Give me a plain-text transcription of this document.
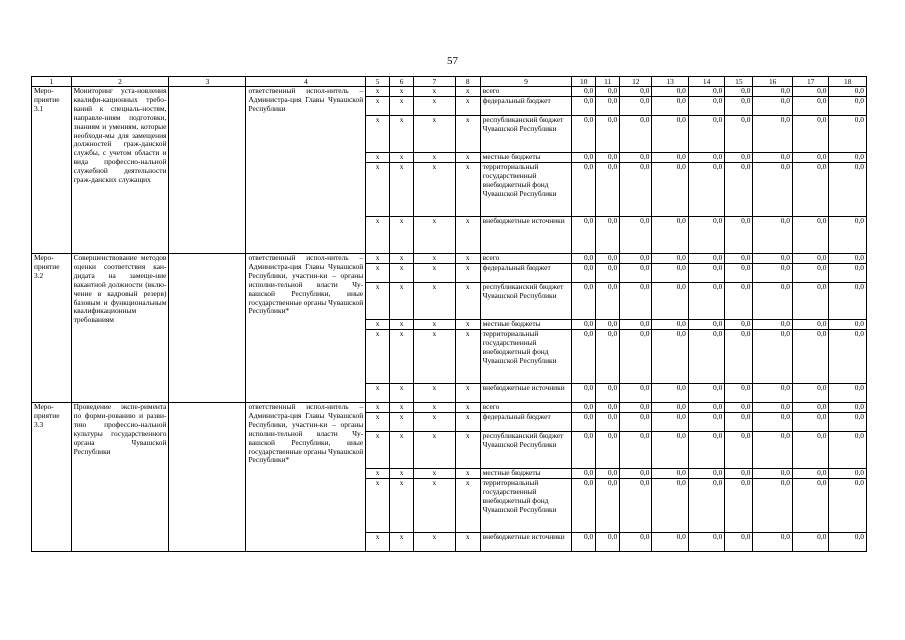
57
1	2	3	4	5	6	7	8	9	10	11	12	13	14	15	16	17	18
Меро-приятие 3.1	Мониторинг уста-новления квалифи-кационных требо-ваний к специаль-ностям, направле-ниям подготовки, знаниям и умениям, которые необходи-мы для замещения должностей граж-данской службы, с учетом области и вида профессио-нальной служебной деятельности граж-данских служащих		ответственный испол-нитель – Администра-ция Главы Чувашской Республики	x	x	x	x	всего	0,0	0,0	0,0	0,0	0,0	0,0	0,0	0,0	0,0
				x	x	x	x	федеральный бюджет	0,0	0,0	0,0	0,0	0,0	0,0	0,0	0,0	0,0
				x	x	x	x	республиканский бюджет Чувашской Республики	0,0	0,0	0,0	0,0	0,0	0,0	0,0	0,0	0,0
				x	x	x	x	местные бюджеты	0,0	0,0	0,0	0,0	0,0	0,0	0,0	0,0	0,0
				x	x	x	x	территориальный государственный внебюджетный фонд Чувашской Республики	0,0	0,0	0,0	0,0	0,0	0,0	0,0	0,0	0,0
				x	x	x	x	внебюджетные источники	0,0	0,0	0,0	0,0	0,0	0,0	0,0	0,0	0,0
Меро-приятие 3.2	Совершенствование методов оценки соответствия кан-дидата на замеще-ние вакантной должности (вклю-чение в кадровый резерв) базовым и функциональным квалификационным требованиям		ответственный испол-нитель – Администра-ция Главы Чувашской Республики, участни-ки – органы исполни-тельной власти Чу-вашской Республики, иные государственные органы Чувашской Республики*	x	x	x	x	всего	0,0	0,0	0,0	0,0	0,0	0,0	0,0	0,0	0,0
				x	x	x	x	федеральный бюджет	0,0	0,0	0,0	0,0	0,0	0,0	0,0	0,0	0,0
				x	x	x	x	республиканский бюджет Чувашской Республики	0,0	0,0	0,0	0,0	0,0	0,0	0,0	0,0	0,0
				x	x	x	x	местные бюджеты	0,0	0,0	0,0	0,0	0,0	0,0	0,0	0,0	0,0
				x	x	x	x	территориальный государственный внебюджетный фонд Чувашской Республики	0,0	0,0	0,0	0,0	0,0	0,0	0,0	0,0	0,0
				x	x	x	x	внебюджетные источники	0,0	0,0	0,0	0,0	0,0	0,0	0,0	0,0	0,0
Меро-приятие 3.3	Проведение экспе-римента по форми-рованию и разви-тию профессио-нальной культуры государственного органа Чувашской Республики		ответственный испол-нитель – Администра-ция Главы Чувашской Республики, участни-ки – органы исполни-тельной власти Чу-вашской Республики, иные государственные органы Чувашской Республики*	x	x	x	x	всего	0,0	0,0	0,0	0,0	0,0	0,0	0,0	0,0	0,0
				x	x	x	x	федеральный бюджет	0,0	0,0	0,0	0,0	0,0	0,0	0,0	0,0	0,0
				x	x	x	x	республиканский бюджет Чувашской Республики	0,0	0,0	0,0	0,0	0,0	0,0	0,0	0,0	0,0
				x	x	x	x	местные бюджеты	0,0	0,0	0,0	0,0	0,0	0,0	0,0	0,0	0,0
				x	x	x	x	территориальный государственный внебюджетный фонд Чувашской Республики	0,0	0,0	0,0	0,0	0,0	0,0	0,0	0,0	0,0
				x	x	x	x	внебюджетные источники	0,0	0,0	0,0	0,0	0,0	0,0	0,0	0,0	0,0
